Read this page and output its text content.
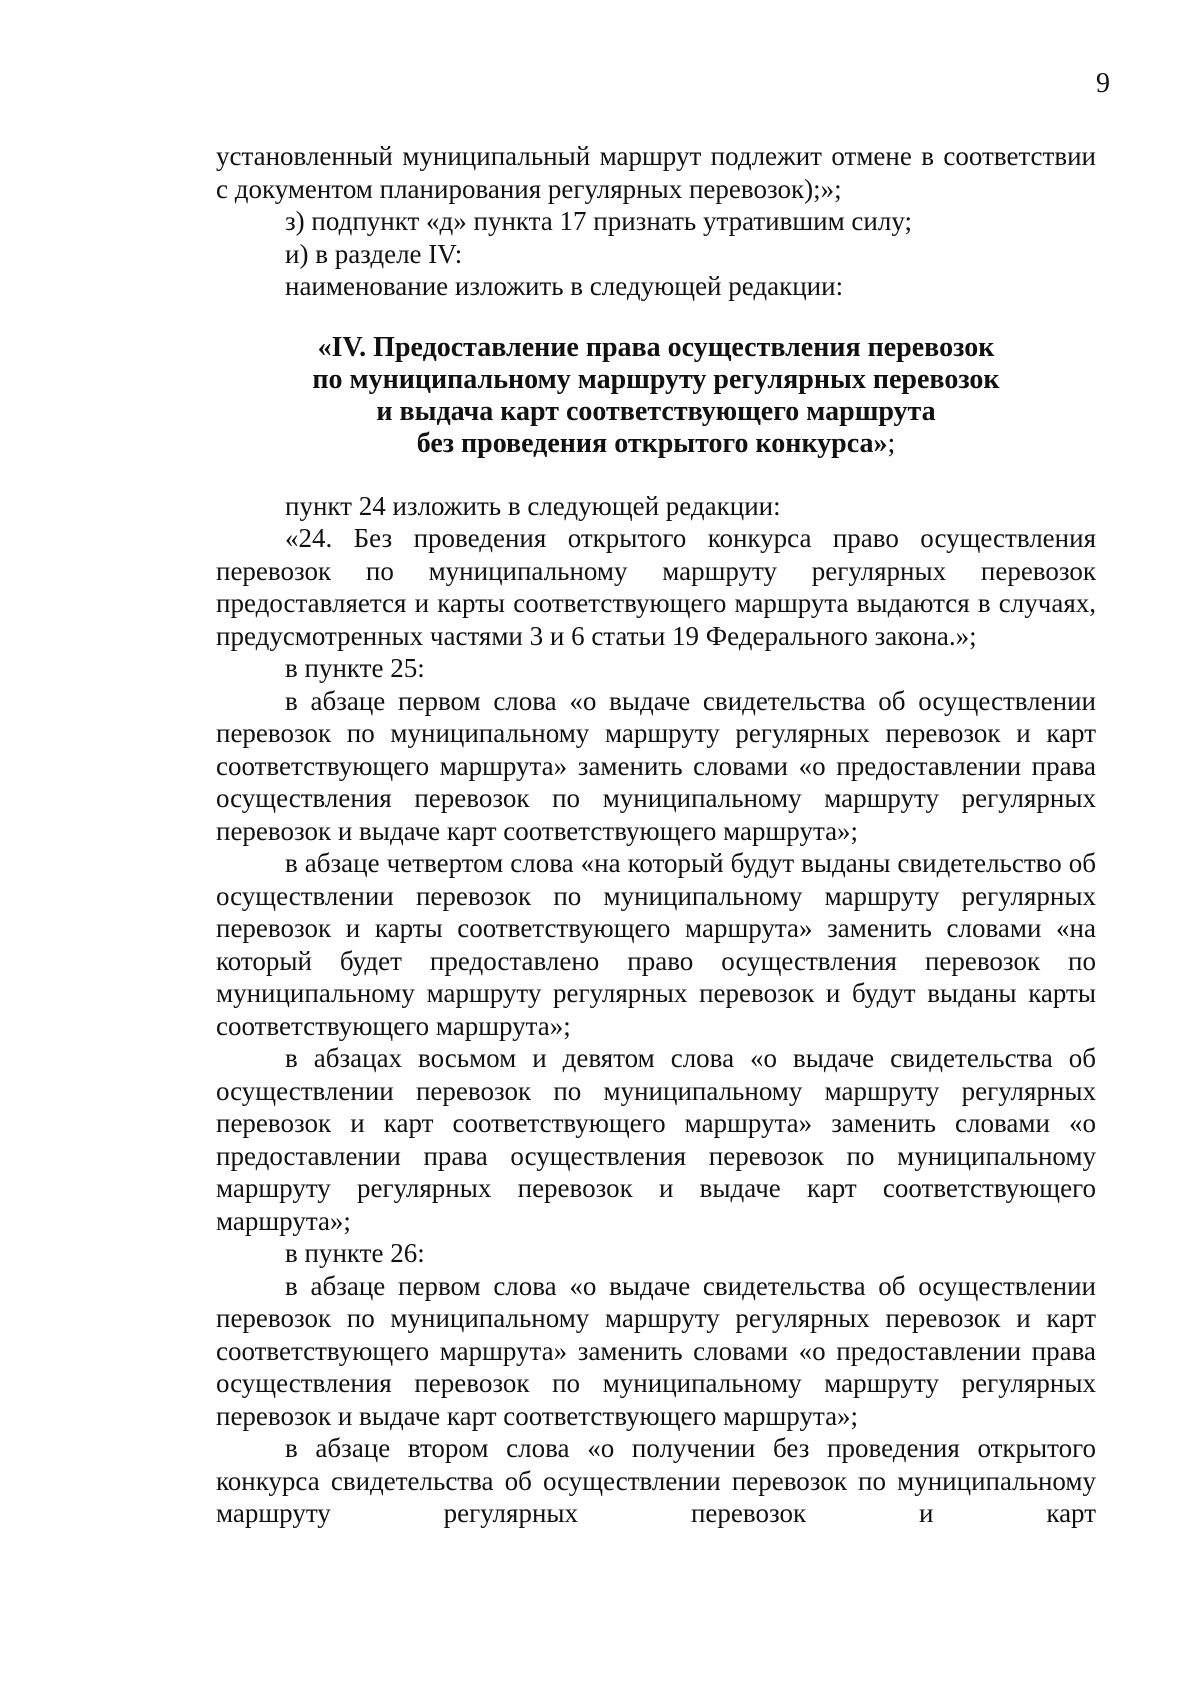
9

установленный муниципальный маршрут подлежит отмене в соответствии с документом планирования регулярных перевозок);»;

з) подпункт «д» пункта 17 признать утратившим силу;

и) в разделе IV:

наименование изложить в следующей редакции:

«IV. Предоставление права осуществления перевозок
по муниципальному маршруту регулярных перевозок
и выдача карт соответствующего маршрута
без проведения открытого конкурса»;

пункт 24 изложить в следующей редакции:

«24. Без проведения открытого конкурса право осуществления перевозок по муниципальному маршруту регулярных перевозок предоставляется и карты соответствующего маршрута выдаются в случаях, предусмотренных частями 3 и 6 статьи 19 Федерального закона.»;

в пункте 25:

в абзаце первом слова «о выдаче свидетельства об осуществлении перевозок по муниципальному маршруту регулярных перевозок и карт соответствующего маршрута» заменить словами «о предоставлении права осуществления перевозок по муниципальному маршруту регулярных перевозок и выдаче карт соответствующего маршрута»;

в абзаце четвертом слова «на который будут выданы свидетельство об осуществлении перевозок по муниципальному маршруту регулярных перевозок и карты соответствующего маршрута» заменить словами «на который будет предоставлено право осуществления перевозок по муниципальному маршруту регулярных перевозок и будут выданы карты соответствующего маршрута»;

в абзацах восьмом и девятом слова «о выдаче свидетельства об осуществлении перевозок по муниципальному маршруту регулярных перевозок и карт соответствующего маршрута» заменить словами «о предоставлении права осуществления перевозок по муниципальному маршруту регулярных перевозок и выдаче карт соответствующего маршрута»;

в пункте 26:

в абзаце первом слова «о выдаче свидетельства об осуществлении перевозок по муниципальному маршруту регулярных перевозок и карт соответствующего маршрута» заменить словами «о предоставлении права осуществления перевозок по муниципальному маршруту регулярных перевозок и выдаче карт соответствующего маршрута»;

в абзаце втором слова «о получении без проведения открытого конкурса свидетельства об осуществлении перевозок по муниципальному маршруту регулярных перевозок и карт
